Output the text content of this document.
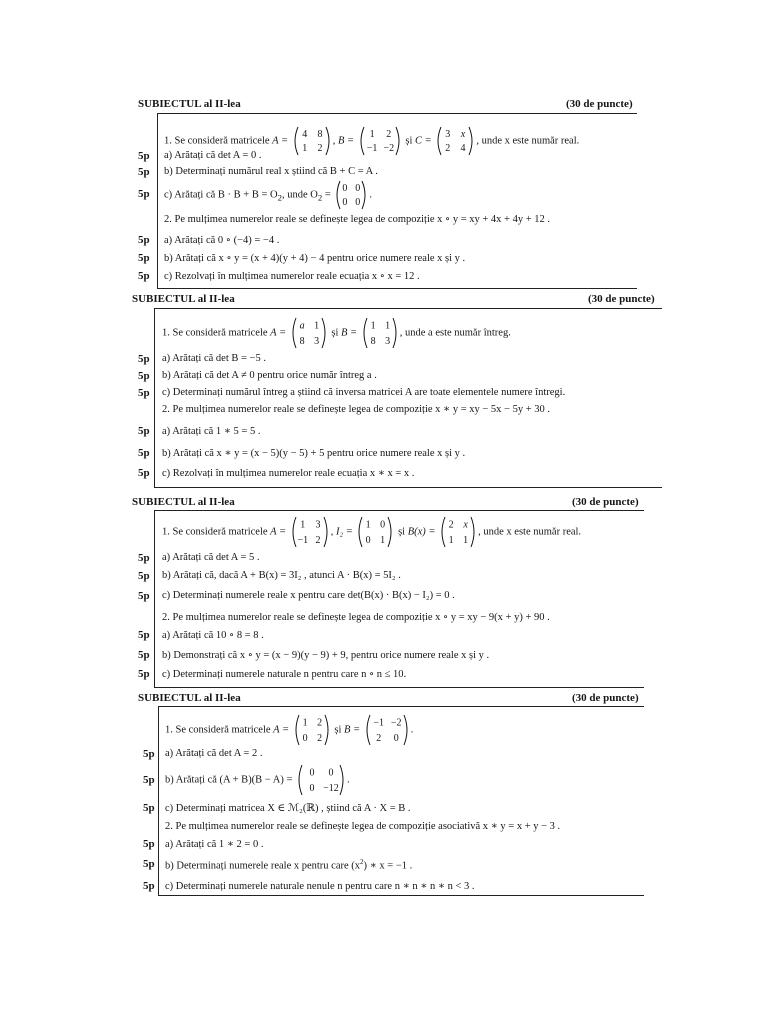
SUBIECTUL al II-lea	(30 de puncte)
1. Se consideră matricele A =
4 8
1 2
, B =
1 2
−1 −2
și C =
3 x
2 4
, unde x este număr real.
5p a) Arătați că det A = 0 .
5p b) Determinați numărul real x știind că B + C = A .
5p c) Arătați că $B \cdot B + B = O_2$, unde $O_2$ =
0 0
0 0
.
2. Pe mulțimea numerelor reale se definește legea de compoziție x ∘ y = xy + 4x + 4y + 12 .
5p a) Arătați că 0 ∘ (−4) = −4 .
5p b) Arătați că x ∘ y = (x + 4)(y + 4) − 4 pentru orice numere reale x și y .
5p c) Rezolvați în mulțimea numerelor reale ecuația x ∘ x = 12 .
SUBIECTUL al II-lea	(30 de puncte)
1. Se consideră matricele A =
a 1
8 3
și B =
1 1
8 3
, unde a este număr întreg.
5p a) Arătați că det B = −5 .
5p b) Arătați că det A ≠ 0 pentru orice număr întreg a .
5p c) Determinați numărul întreg a știind că inversa matricei A are toate elementele numere întregi.
2. Pe mulțimea numerelor reale se definește legea de compoziție x ∗ y = xy − 5x − 5y + 30 .
5p a) Arătați că 1 ∗ 5 = 5 .
5p b) Arătați că x ∗ y = (x − 5)(y − 5) + 5 pentru orice numere reale x și y .
5p c) Rezolvați în mulțimea numerelor reale ecuația x ∗ x = x .
SUBIECTUL al II-lea	(30 de puncte)
1. Se consideră matricele A =
1 3
−1 2
, I₂ =
1 0
0 1
și B(x) =
2 x
1 1
, unde x este număr real.
5p a) Arătați că det A = 5 .
5p b) Arătați că, dacă A + B(x) = 3I₂ , atunci A · B(x) = 5I₂ .
5p c) Determinați numerele reale x pentru care det(B(x) · B(x) − I₂) = 0 .
2. Pe mulțimea numerelor reale se definește legea de compoziție x ∘ y = xy − 9(x + y) + 90 .
5p a) Arătați că 10 ∘ 8 = 8 .
5p b) Demonstrați că x ∘ y = (x − 9)(y − 9) + 9, pentru orice numere reale x și y .
5p c) Determinați numerele naturale n pentru care n ∘ n ≤ 10.
SUBIECTUL al II-lea	(30 de puncte)
1. Se consideră matricele A =
1 2
0 2
și B =
−1 −2
2 0
.
5p a) Arătați că det A = 2 .
5p b) Arătați că (A + B)(B − A) =
0 0
0 −12
.
5p c) Determinați matricea X ∈ ℳ₂(ℝ) , știind că A · X = B .
2. Pe mulțimea numerelor reale se definește legea de compoziție asociativă x ∗ y = x + y − 3 .
5p a) Arătați că 1 ∗ 2 = 0 .
5p b) Determinați numerele reale x pentru care $(x^2)$ ∗ x = −1 .
5p c) Determinați numerele naturale nenule n pentru care n ∗ n ∗ n ∗ n < 3 .
